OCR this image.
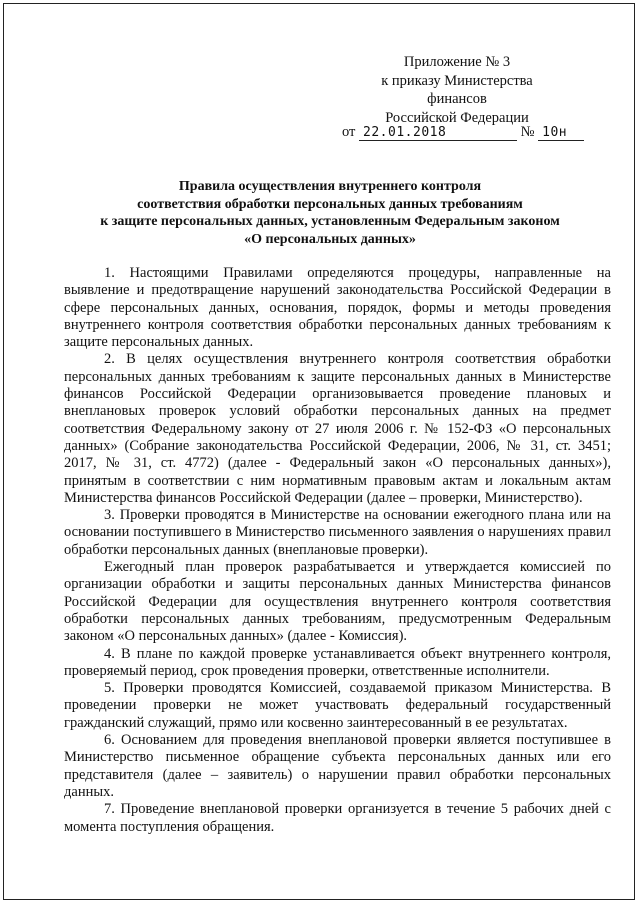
Приложение № 3
к приказу Министерства финансов
Российской Федерации
от 22.01.2018	№ 10н
Правила осуществления внутреннего контроля
соответствия обработки персональных данных требованиям
к защите персональных данных, установленным Федеральным законом
«О персональных данных»

1. Настоящими Правилами определяются процедуры, направленные на выявление и предотвращение нарушений законодательства Российской Федерации в сфере персональных данных, основания, порядок, формы и методы проведения внутреннего контроля соответствия обработки персональных данных требованиям к защите персональных данных.

2. В целях осуществления внутреннего контроля соответствия обработки персональных данных требованиям к защите персональных данных в Министерстве финансов Российской Федерации организовывается проведение плановых и внеплановых проверок условий обработки персональных данных на предмет соответствия Федеральному закону от 27 июля 2006 г. № 152-ФЗ «О персональных данных» (Собрание законодательства Российской Федерации, 2006, № 31, ст. 3451; 2017, № 31, ст. 4772) (далее - Федеральный закон «О персональных данных»), принятым в соответствии с ним нормативным правовым актам и локальным актам Министерства финансов Российской Федерации (далее – проверки, Министерство).

3. Проверки проводятся в Министерстве на основании ежегодного плана или на основании поступившего в Министерство письменного заявления о нарушениях правил обработки персональных данных (внеплановые проверки).

Ежегодный план проверок разрабатывается и утверждается комиссией по организации обработки и защиты персональных данных Министерства финансов Российской Федерации для осуществления внутреннего контроля соответствия обработки персональных данных требованиям, предусмотренным Федеральным законом «О персональных данных» (далее - Комиссия).

4. В плане по каждой проверке устанавливается объект внутреннего контроля, проверяемый период, срок проведения проверки, ответственные исполнители.

5. Проверки проводятся Комиссией, создаваемой приказом Министерства. В проведении проверки не может участвовать федеральный государственный гражданский служащий, прямо или косвенно заинтересованный в ее результатах.

6. Основанием для проведения внеплановой проверки является поступившее в Министерство письменное обращение субъекта персональных данных или его представителя (далее – заявитель) о нарушении правил обработки персональных данных.

7. Проведение внеплановой проверки организуется в течение 5 рабочих дней с момента поступления обращения.
